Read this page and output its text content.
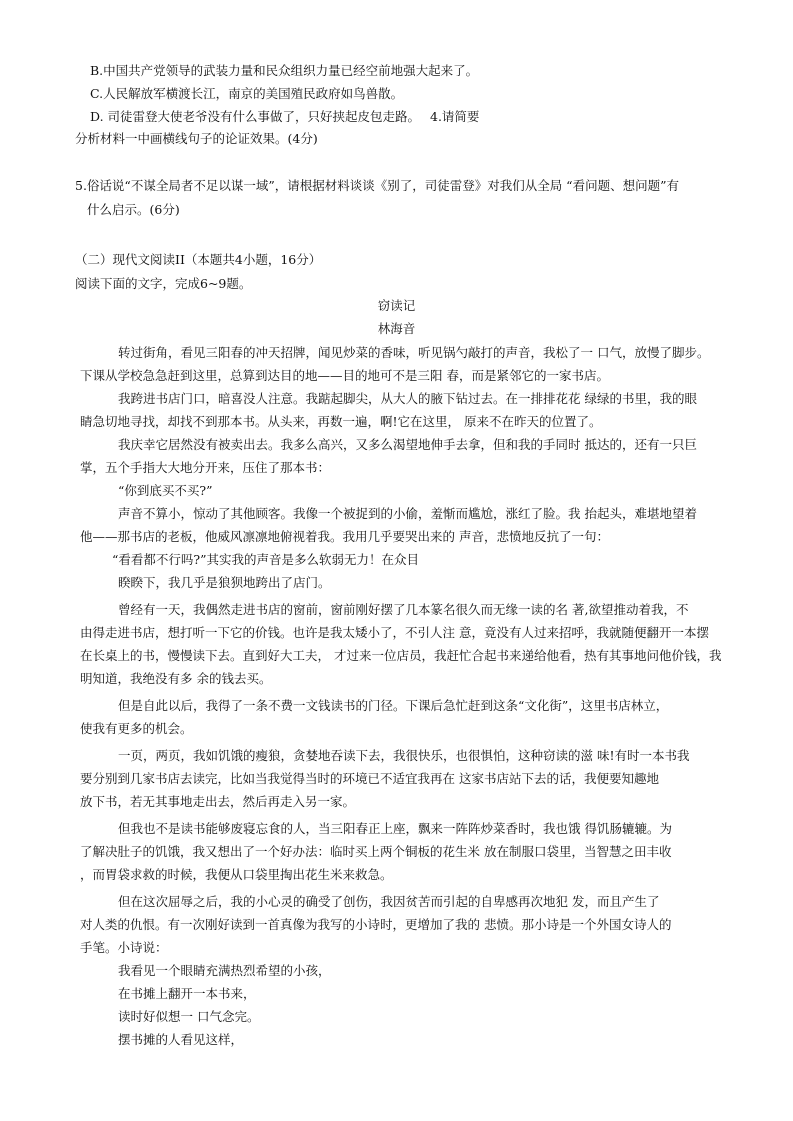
B.中国共产党领导的武装力量和民众组织力量已经空前地强大起来了。
C.人民解放军横渡长江，南京的美国殖民政府如鸟兽散。
D. 司徒雷登大使老爷没有什么事做了，只好挟起皮包走路。 4.请简要
分析材料一中画横线句子的论证效果。(4分)
5.俗话说“不谋全局者不足以谋一域”，请根据材料谈谈《别了，司徒雷登》对我们从全局 “看问题、想问题”有
什么启示。(6分)
（二）现代文阅读II（本题共4小题，16分）
阅读下面的文字，完成6~9题。
窃读记
林海音
转过街角，看见三阳春的冲天招牌，闻见炒菜的香味，听见锅勺敲打的声音，我松了一 口气，放慢了脚步。
下课从学校急急赶到这里，总算到达目的地——目的地可不是三阳 春，而是紧邻它的一家书店。
我跨进书店门口，暗喜没人注意。我踮起脚尖，从大人的腋下钻过去。在一排排花花 绿绿的书里，我的眼
睛急切地寻找，却找不到那本书。从头来，再数一遍，啊!它在这里， 原来不在昨天的位置了。
我庆幸它居然没有被卖出去。我多么高兴，又多么渴望地伸手去拿，但和我的手同时 抵达的，还有一只巨
掌，五个手指大大地分开来，压住了那本书：
“你到底买不买?”
声音不算小，惊动了其他顾客。我像一个被捉到的小偷，羞惭而尴尬，涨红了脸。我 抬起头，难堪地望着
他——那书店的老板，他威风凛凛地俯视着我。我用几乎要哭出来的 声音，悲愤地反抗了一句：
“看看都不行吗?”其实我的声音是多么软弱无力！在众目
睽睽下，我几乎是狼狈地跨出了店门。
曾经有一天，我偶然走进书店的窗前，窗前刚好摆了几本篆名很久而无缘一读的名 著,欲望推动着我，不
由得走进书店，想打听一下它的价钱。也许是我太矮小了，不引人注 意，竟没有人过来招呼，我就随便翻开一本摆
在长桌上的书，慢慢读下去。直到好大工夫， 才过来一位店员，我赶忙合起书来递给他看，热有其事地问他价钱，我
明知道，我绝没有多 余的钱去买。
但是自此以后，我得了一条不费一文钱读书的门径。下课后急忙赶到这条“文化街”，这里书店林立，
使我有更多的机会。
一页，两页，我如饥饿的瘦狼，贪婪地吞读下去，我很快乐，也很惧怕，这种窃读的滋 味!有时一本书我
要分别到几家书店去读完，比如当我觉得当时的环境已不适宜我再在 这家书店站下去的话，我便要知趣地
放下书，若无其事地走出去，然后再走入另一家。
但我也不是读书能够废寝忘食的人，当三阳春正上座，飘来一阵阵炒菜香时，我也饿 得饥肠辘辘。为
了解决肚子的饥饿，我又想出了一个好办法：临时买上两个铜板的花生米 放在制服口袋里，当智慧之田丰收
，而胃袋求救的时候，我便从口袋里掏出花生米来救急。
但在这次屈辱之后，我的小心灵的确受了创伤，我因贫苦而引起的自卑感再次地犯 发，而且产生了
对人类的仇恨。有一次刚好读到一首真像为我写的小诗时，更增加了我的 悲愤。那小诗是一个外国女诗人的
手笔。小诗说：
我看见一个眼睛充满热烈希望的小孩，
在书摊上翻开一本书来，
读时好似想一 口气念完。
摆书摊的人看见这样，
